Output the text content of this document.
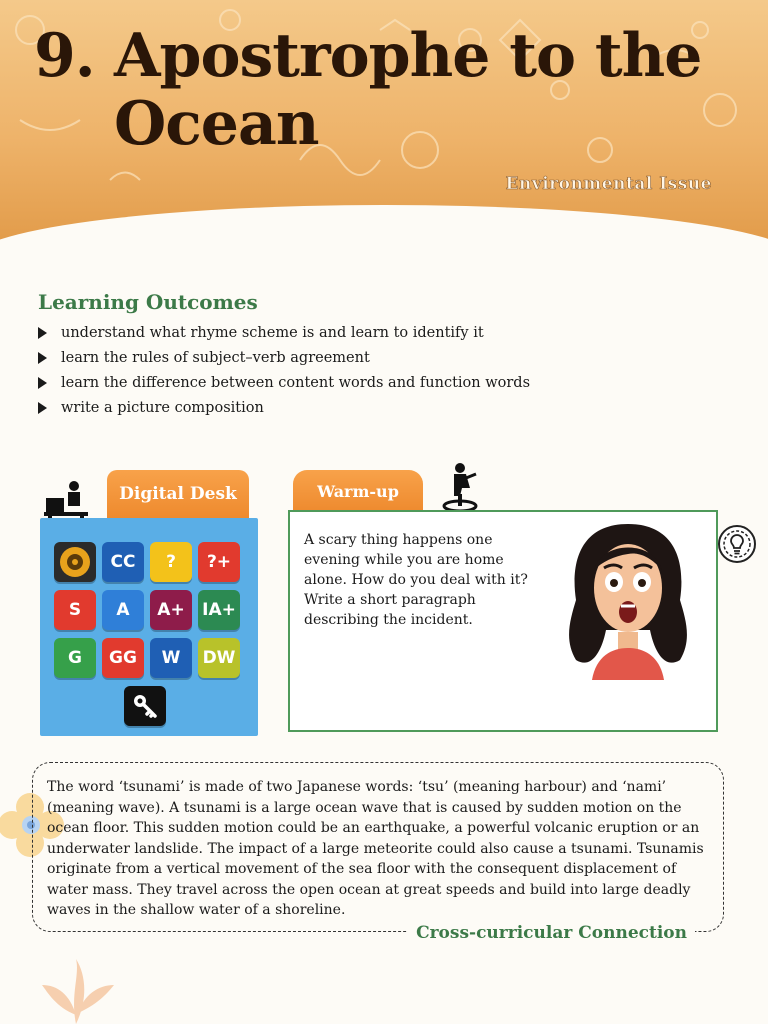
9. Apostrophe to the
Ocean
Environmental Issue
Learning Outcomes
understand what rhyme scheme is and learn to identify it
learn the rules of subject–verb agreement
learn the difference between content words and function words
write a picture composition
Digital Desk
CC	?	?+
S	A	A+	IA+
G	GG	W	DW
Warm-up

A scary thing happens one evening while you are home alone. How do you deal with it? Write a short paragraph describing the incident.

The word ‘tsunami’ is made of two Japanese words: ‘tsu’ (meaning harbour) and ‘nami’ (meaning wave). A tsunami is a large ocean wave that is caused by sudden motion on the ocean floor. This sudden motion could be an earthquake, a powerful volcanic eruption or an underwater landslide. The impact of a large meteorite could also cause a tsunami. Tsunamis originate from a vertical movement of the sea floor with the consequent displacement of water mass. They travel across the open ocean at great speeds and build into large deadly waves in the shallow water of a shoreline.

Cross-curricular Connection
